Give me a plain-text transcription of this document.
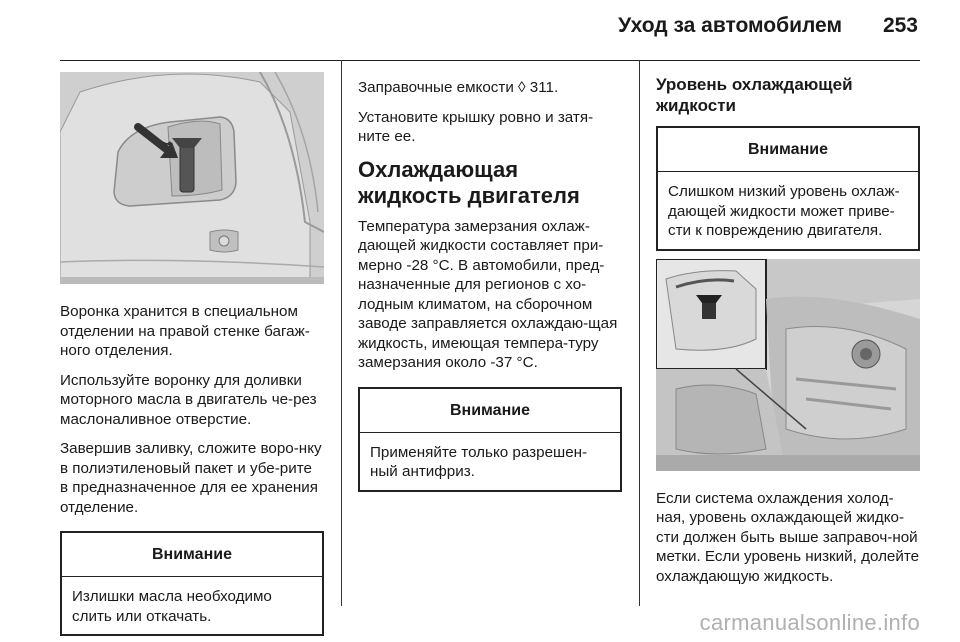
Уход за автомобилем 253

Воронка хранится в специальном отделении на правой стенке багаж-ного отделения.

Используйте воронку для доливки моторного масла в двигатель че-рез маслоналивное отверстие.

Завершив заливку, сложите воро-нку в полиэтиленовый пакет и убе-рите в предназначенное для ее хранения отделение.

Внимание
Излишки масла необходимо слить или откачать.

Заправочные емкости ◊ 311.

Установите крышку ровно и затя-ните ее.

Охлаждающая жидкость двигателя

Температура замерзания охлаж-дающей жидкости составляет при-мерно -28 °C. В автомобили, пред-назначенные для регионов с хо-лодным климатом, на сборочном заводе заправляется охлаждаю-щая жидкость, имеющая темпера-туру замерзания около -37 °C.

Внимание
Применяйте только разрешен-ный антифриз.
Уровень охлаждающей жидкости
Внимание
Слишком низкий уровень охлаж-дающей жидкости может приве-сти к повреждению двигателя.

Если система охлаждения холод-ная, уровень охлаждающей жидко-сти должен быть выше заправоч-ной метки. Если уровень низкий, долейте охлаждающую жидкость.

carmanualsonline.info
